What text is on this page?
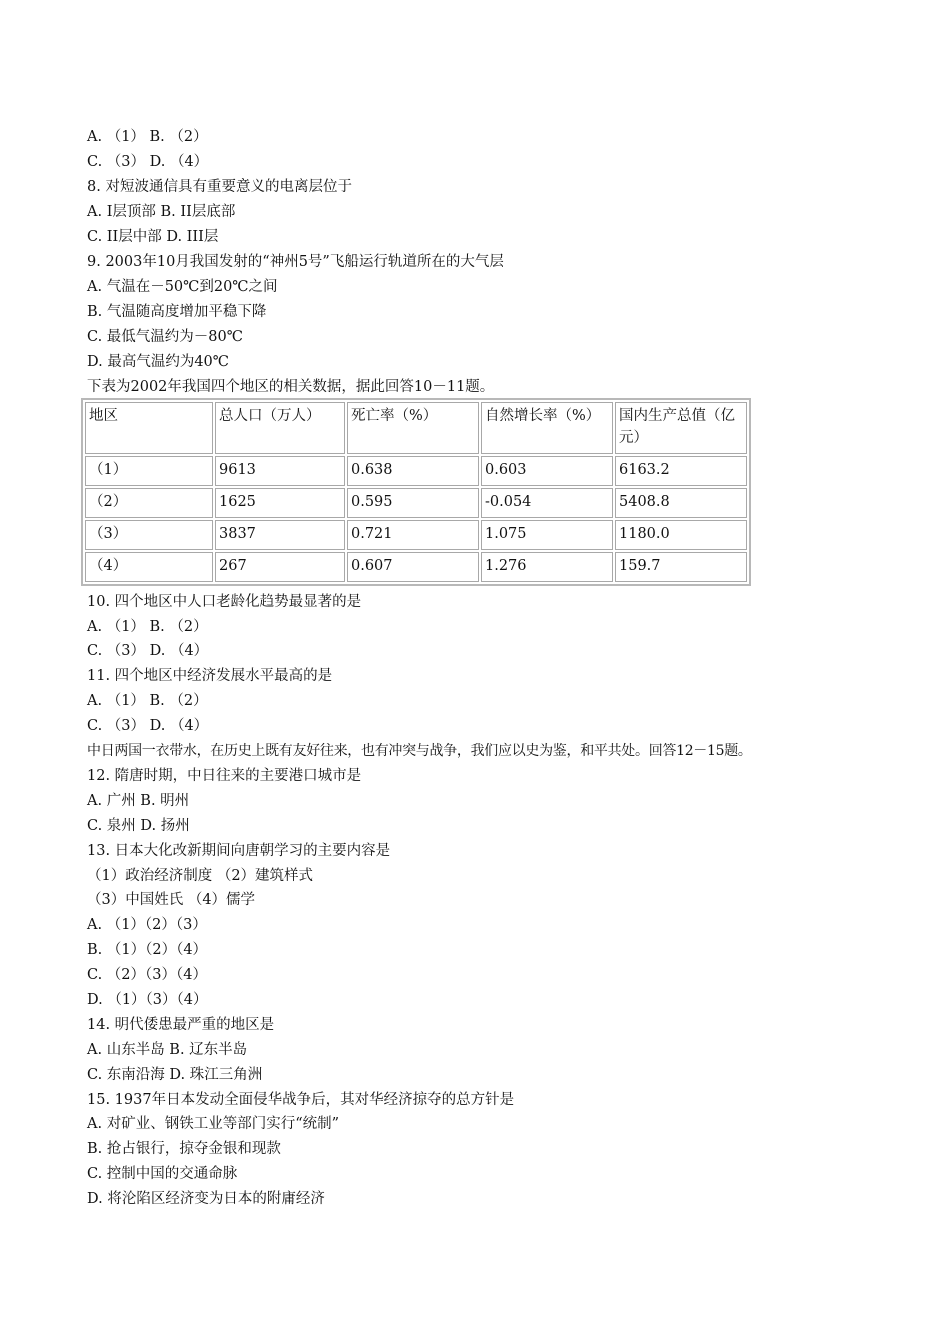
A. （1） B. （2）
C. （3） D. （4）
8. 对短波通信具有重要意义的电离层位于
A. I层顶部 B. II层底部
C. II层中部 D. III层
9. 2003年10月我国发射的“神州5号”飞船运行轨道所在的大气层
A. 气温在－50℃到20℃之间
B. 气温随高度增加平稳下降
C. 最低气温约为－80℃
D. 最高气温约为40℃
下表为2002年我国四个地区的相关数据，据此回答10－11题。
地区	总人口（万人）	死亡率（%）	自然增长率（%）	国内生产总值（亿元）
（1）	9613	0.638	0.603	6163.2
（2）	1625	0.595	-0.054	5408.8
（3）	3837	0.721	1.075	1180.0
（4）	267	0.607	1.276	159.7
10. 四个地区中人口老龄化趋势最显著的是
A. （1） B. （2）
C. （3） D. （4）
11. 四个地区中经济发展水平最高的是
A. （1） B. （2）
C. （3） D. （4）
中日两国一衣带水，在历史上既有友好往来，也有冲突与战争，我们应以史为鉴，和平共处。回答12－15题。
12. 隋唐时期，中日往来的主要港口城市是
A. 广州 B. 明州
C. 泉州 D. 扬州
13. 日本大化改新期间向唐朝学习的主要内容是
（1）政治经济制度 （2）建筑样式
（3）中国姓氏 （4）儒学
A. （1）（2）（3）
B. （1）（2）（4）
C. （2）（3）（4）
D. （1）（3）（4）
14. 明代倭患最严重的地区是
A. 山东半岛 B. 辽东半岛
C. 东南沿海 D. 珠江三角洲
15. 1937年日本发动全面侵华战争后，其对华经济掠夺的总方针是
A. 对矿业、钢铁工业等部门实行“统制”
B. 抢占银行，掠夺金银和现款
C. 控制中国的交通命脉
D. 将沦陷区经济变为日本的附庸经济
